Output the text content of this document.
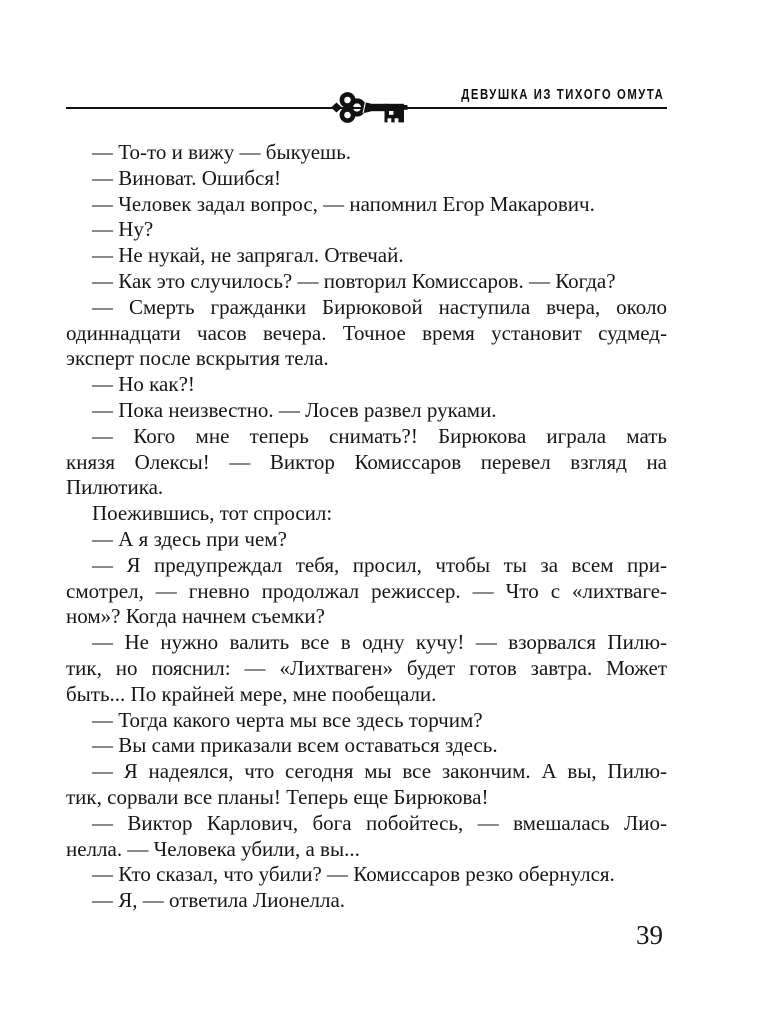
ДЕВУШКА ИЗ ТИХОГО ОМУТА
— То-то и вижу — быкуешь.
— Виноват. Ошибся!
— Человек задал вопрос, — напомнил Егор Макарович.
— Ну?
— Не нукай, не запрягал. Отвечай.
— Как это случилось? — повторил Комиссаров. — Когда?
— Смерть гражданки Бирюковой наступила вчера, около
одиннадцати часов вечера. Точное время установит судмед-
эксперт после вскрытия тела.
— Но как?!
— Пока неизвестно. — Лосев развел руками.
— Кого мне теперь снимать?! Бирюкова играла мать
князя Олексы! — Виктор Комиссаров перевел взгляд на
Пилютика.
Поежившись, тот спросил:
— А я здесь при чем?
— Я предупреждал тебя, просил, чтобы ты за всем при-
смотрел, — гневно продолжал режиссер. — Что с «лихтваге-
ном»? Когда начнем съемки?
— Не нужно валить все в одну кучу! — взорвался Пилю-
тик, но пояснил: — «Лихтваген» будет готов завтра. Может
быть... По крайней мере, мне пообещали.
— Тогда какого черта мы все здесь торчим?
— Вы сами приказали всем оставаться здесь.
— Я надеялся, что сегодня мы все закончим. А вы, Пилю-
тик, сорвали все планы! Теперь еще Бирюкова!
— Виктор Карлович, бога побойтесь, — вмешалась Лио-
нелла. — Человека убили, а вы...
— Кто сказал, что убили? — Комиссаров резко обернулся.
— Я, — ответила Лионелла.
39
